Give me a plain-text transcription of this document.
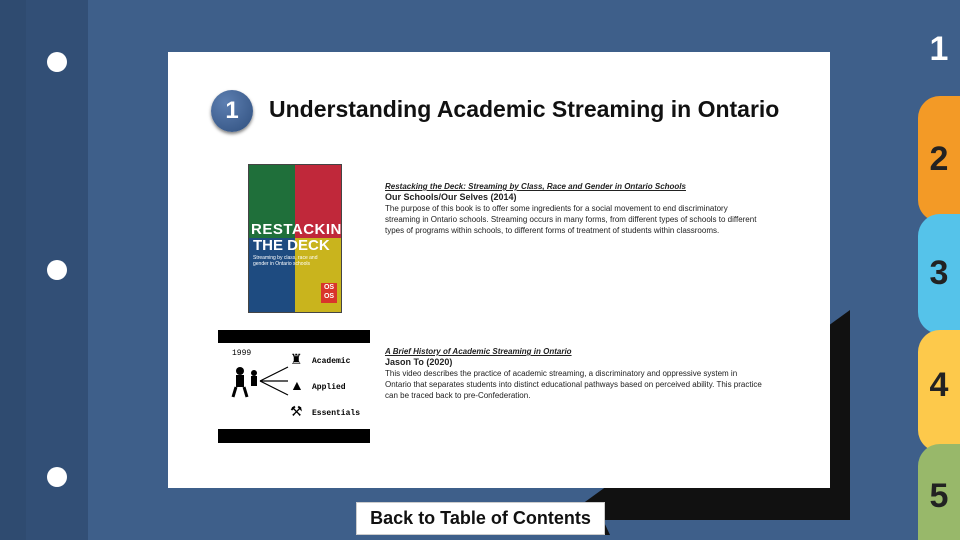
1
2
3
4
5
1	Understanding Academic Streaming in Ontario
RESTACKING
THE DECK
Streaming by class, race and gender in Ontario schools
OS OS
Restacking the Deck: Streaming by Class, Race and Gender in Ontario Schools
Our Schools/Our Selves (2014)
The purpose of this book is to offer some ingredients for a social movement to end discriminatory streaming in Ontario schools. Streaming occurs in many forms, from different types of schools to different types of programs within schools, to different forms of treatment of students within classrooms.
1999	♜
▲
⚒
Academic
Applied
Essentials
A Brief History of Academic Streaming in Ontario
Jason To (2020)
This video describes the practice of academic streaming, a discriminatory and oppressive system in Ontario that separates students into distinct educational pathways based on perceived ability. This practice can be traced back to pre-Confederation.
Back to Table of Contents
